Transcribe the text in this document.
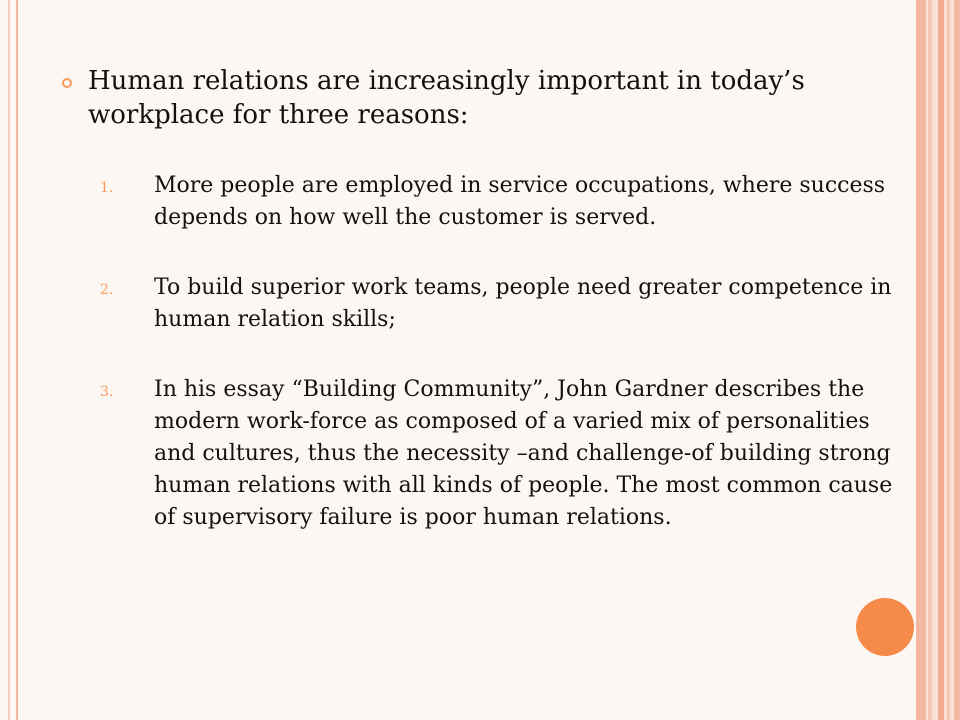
Human relations are increasingly important in today’s workplace for three reasons:
1.	More people are employed in service occupations, where success depends on how well the customer is served.
2.	To build superior work teams, people need greater competence in human relation skills;
3.	In his essay “Building Community”, John Gardner describes the modern work-force as composed of a varied mix of personalities and cultures, thus the necessity –and challenge-of building strong human relations with all kinds of people. The most common cause of supervisory failure is poor human relations.
